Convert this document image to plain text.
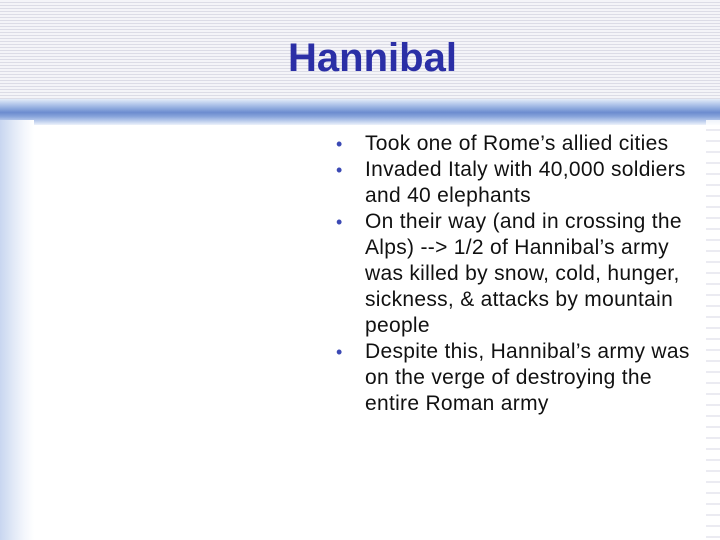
Hannibal
•	Took one of Rome’s allied cities
•	Invaded Italy with 40,000 soldiers and 40 elephants
•	On their way (and in crossing the Alps) --> 1/2 of Hannibal’s army was killed by snow, cold, hunger, sickness, & attacks by mountain people
•	Despite this, Hannibal’s army was on the verge of destroying the entire Roman army
